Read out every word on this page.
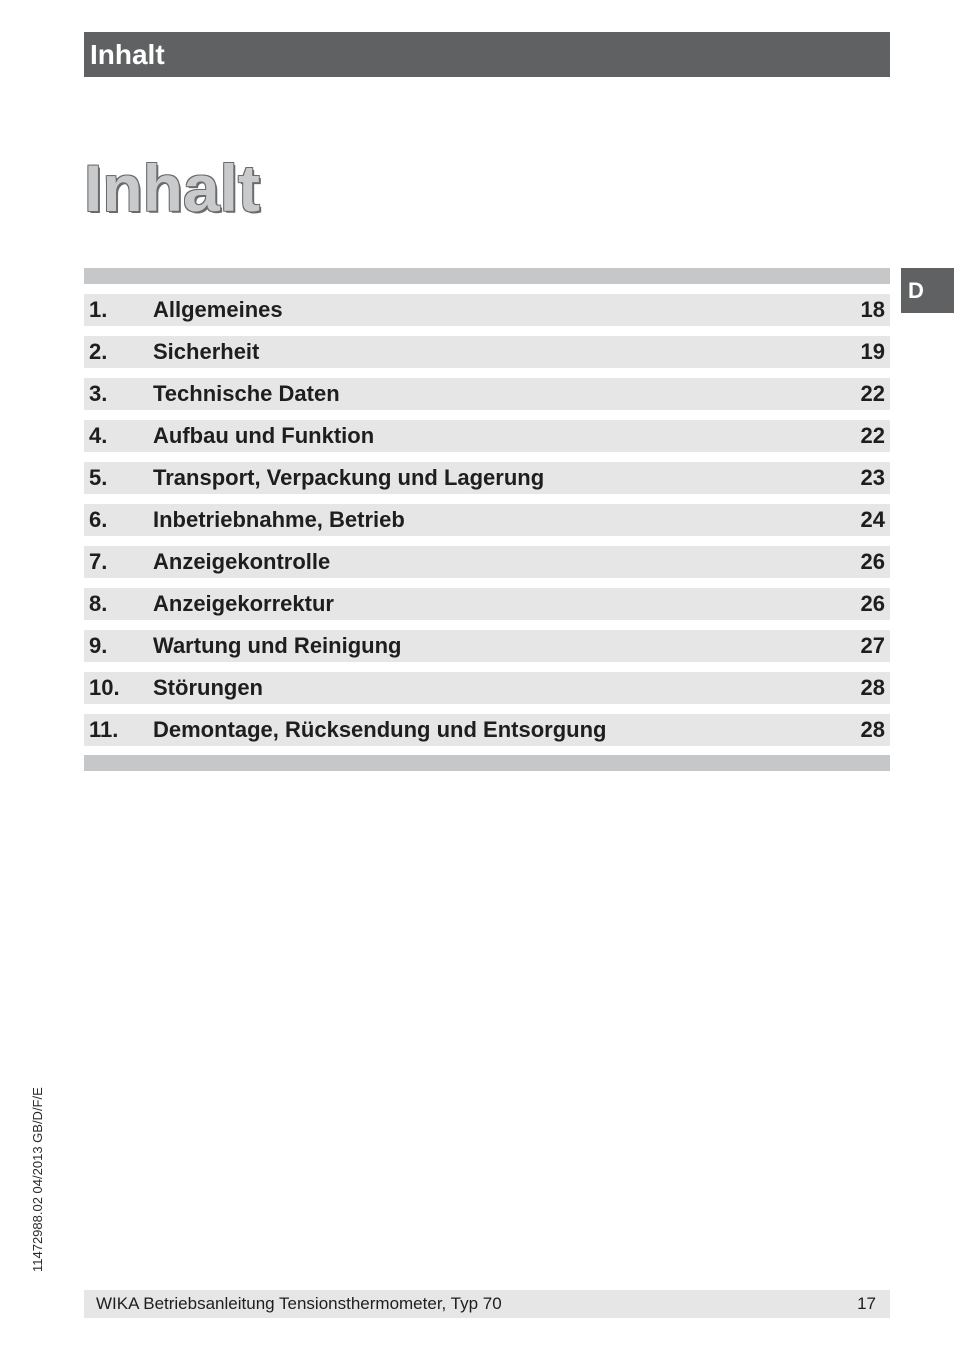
Inhalt
Inhalt
D
1. Allgemeines	18
2. Sicherheit	19
3. Technische Daten	22
4. Aufbau und Funktion	22
5. Transport, Verpackung und Lagerung	23
6. Inbetriebnahme, Betrieb	24
7. Anzeigekontrolle	26
8. Anzeigekorrektur	26
9. Wartung und Reinigung	27
10. Störungen	28
11. Demontage, Rücksendung und Entsorgung	28
11472988.02 04/2013 GB/D/F/E
WIKA Betriebsanleitung Tensionsthermometer, Typ 70	17
